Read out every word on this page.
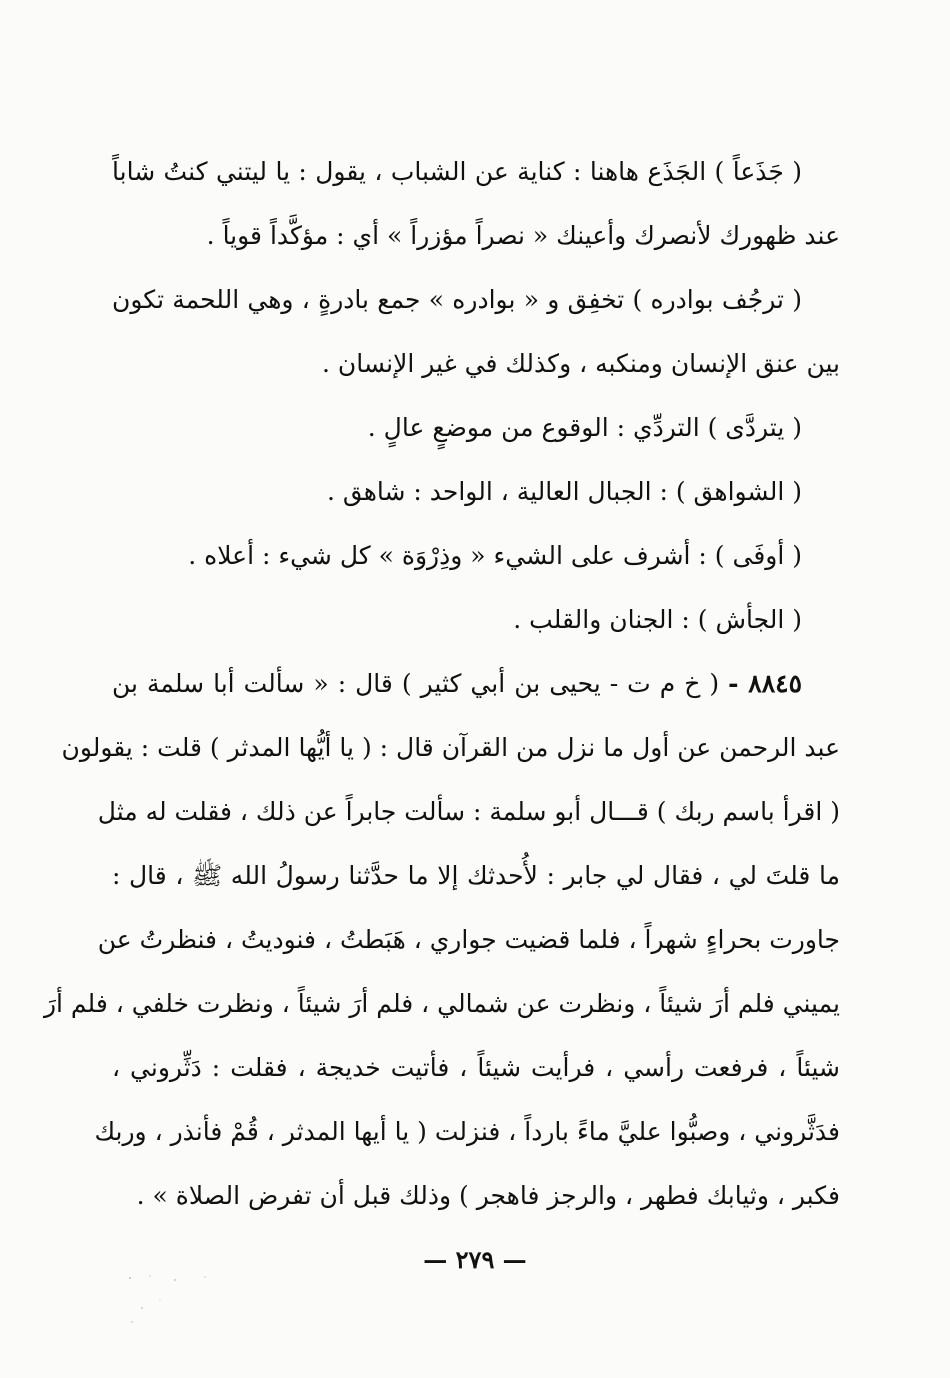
( جَذَعاً ) الجَذَع هاهنا : كناية عن الشباب ، يقول : يا ليتني كنتُ شاباً
عند ظهورك لأنصرك وأعينك « نصراً مؤزراً » أي : مؤكَّداً قوياً .
( ترجُف بوادره ) تخفِق و « بوادره » جمع بادرةٍ ، وهي اللحمة تكون
بين عنق الإنسان ومنكبه ، وكذلك في غير الإنسان .
( يتردَّى ) التردِّي : الوقوع من موضعٍ عالٍ .
( الشواهق ) : الجبال العالية ، الواحد : شاهق .
( أوفَى ) : أشرف على الشيء « وذِرْوَة » كل شيء : أعلاه .
( الجأش ) : الجنان والقلب .
٨٨٤٥ - ( خ م ت - يحيى بن أبي كثير ) قال : « سألت أبا سلمة بن
عبد الرحمن عن أول ما نزل من القرآن قال : ( يا أيُّها المدثر ) قلت : يقولون
( اقرأ باسم ربك ) قـــال أبو سلمة : سألت جابراً عن ذلك ، فقلت له مثل
ما قلتَ لي ، فقال لي جابر : لأُحدثك إلا ما حدَّثنا رسولُ الله ﷺ ، قال :
جاورت بحراءٍ شهراً ، فلما قضيت جواري ، هَبَطتُ ، فنوديتُ ، فنظرتُ عن
يميني فلم أرَ شيئاً ، ونظرت عن شمالي ، فلم أرَ شيئاً ، ونظرت خلفي ، فلم أرَ
شيئاً ، فرفعت رأسي ، فرأيت شيئاً ، فأتيت خديجة ، فقلت : دَثِّروني ،
فدَثَّروني ، وصبُّوا عليَّ ماءً بارداً ، فنزلت ( يا أيها المدثر ، قُمْ فأنذر ، وربك
فكبر ، وثيابك فطهر ، والرجز فاهجر ) وذلك قبل أن تفرض الصلاة » .
— ٢٧٩ —
